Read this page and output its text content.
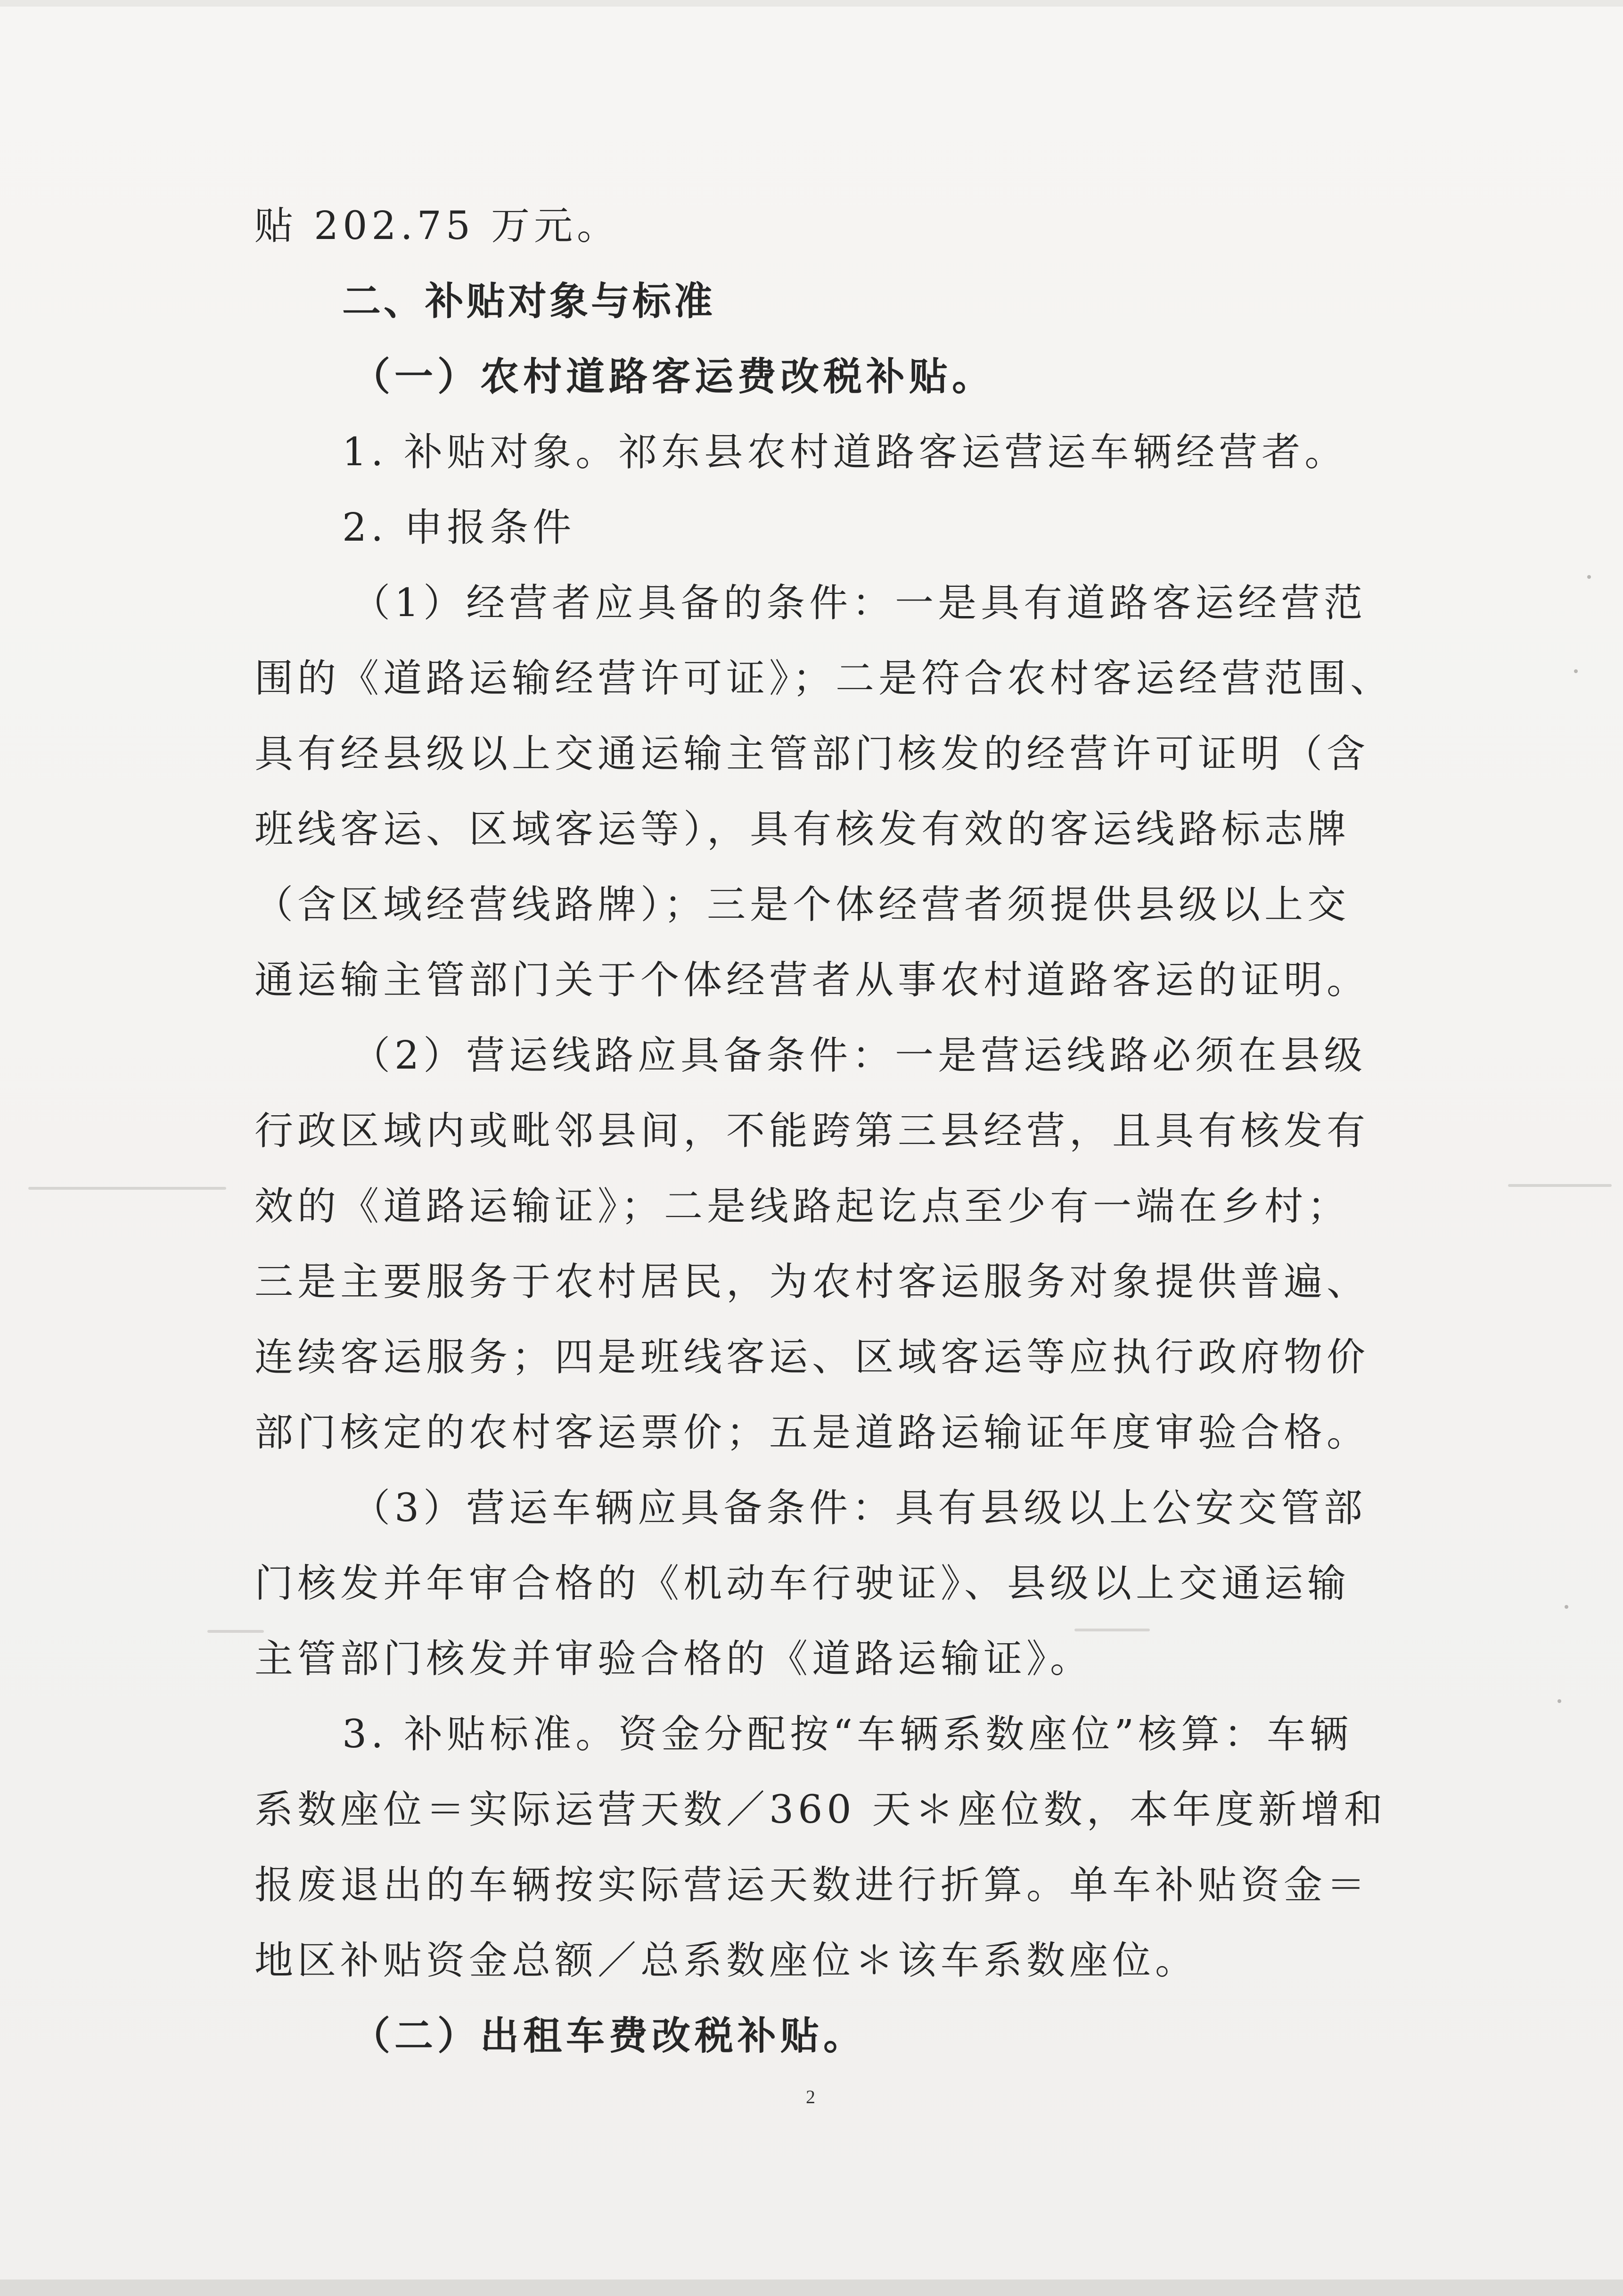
贴 202.75 万元。
二、补贴对象与标准
（一）农村道路客运费改税补贴。
1. 补贴对象。祁东县农村道路客运营运车辆经营者。
2. 申报条件
（1）经营者应具备的条件：一是具有道路客运经营范
围的《道路运输经营许可证》；二是符合农村客运经营范围、
具有经县级以上交通运输主管部门核发的经营许可证明（含
班线客运、区域客运等），具有核发有效的客运线路标志牌
（含区域经营线路牌）；三是个体经营者须提供县级以上交
通运输主管部门关于个体经营者从事农村道路客运的证明。
（2）营运线路应具备条件：一是营运线路必须在县级
行政区域内或毗邻县间，不能跨第三县经营，且具有核发有
效的《道路运输证》；二是线路起讫点至少有一端在乡村；
三是主要服务于农村居民，为农村客运服务对象提供普遍、
连续客运服务；四是班线客运、区域客运等应执行政府物价
部门核定的农村客运票价；五是道路运输证年度审验合格。
（3）营运车辆应具备条件：具有县级以上公安交管部
门核发并年审合格的《机动车行驶证》、县级以上交通运输
主管部门核发并审验合格的《道路运输证》。
3. 补贴标准。资金分配按“车辆系数座位”核算：车辆
系数座位＝实际运营天数／360 天＊座位数，本年度新增和
报废退出的车辆按实际营运天数进行折算。单车补贴资金＝
地区补贴资金总额／总系数座位＊该车系数座位。
（二）出租车费改税补贴。
2
